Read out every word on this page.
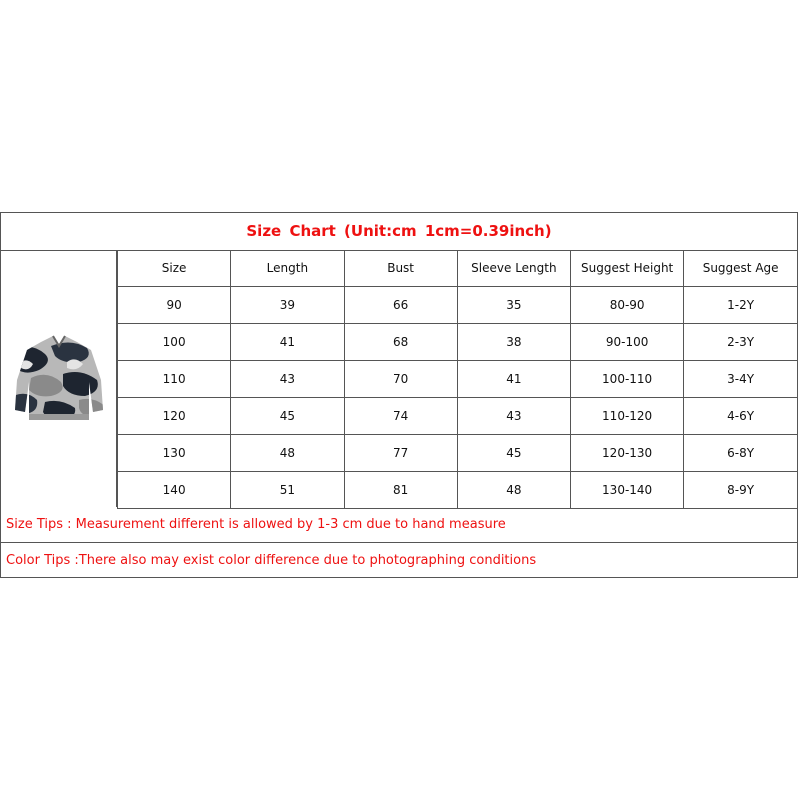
Size Chart (Unit:cm 1cm=0.39inch)
Size	Length	Bust	Sleeve Length	Suggest Height	Suggest Age
90	39	66	35	80-90	1-2Y
100	41	68	38	90-100	2-3Y
110	43	70	41	100-110	3-4Y
120	45	74	43	110-120	4-6Y
130	48	77	45	120-130	6-8Y
140	51	81	48	130-140	8-9Y
Size Tips : Measurement different is allowed by 1-3 cm due to hand measure
Color Tips :There also may exist color difference due to photographing conditions
